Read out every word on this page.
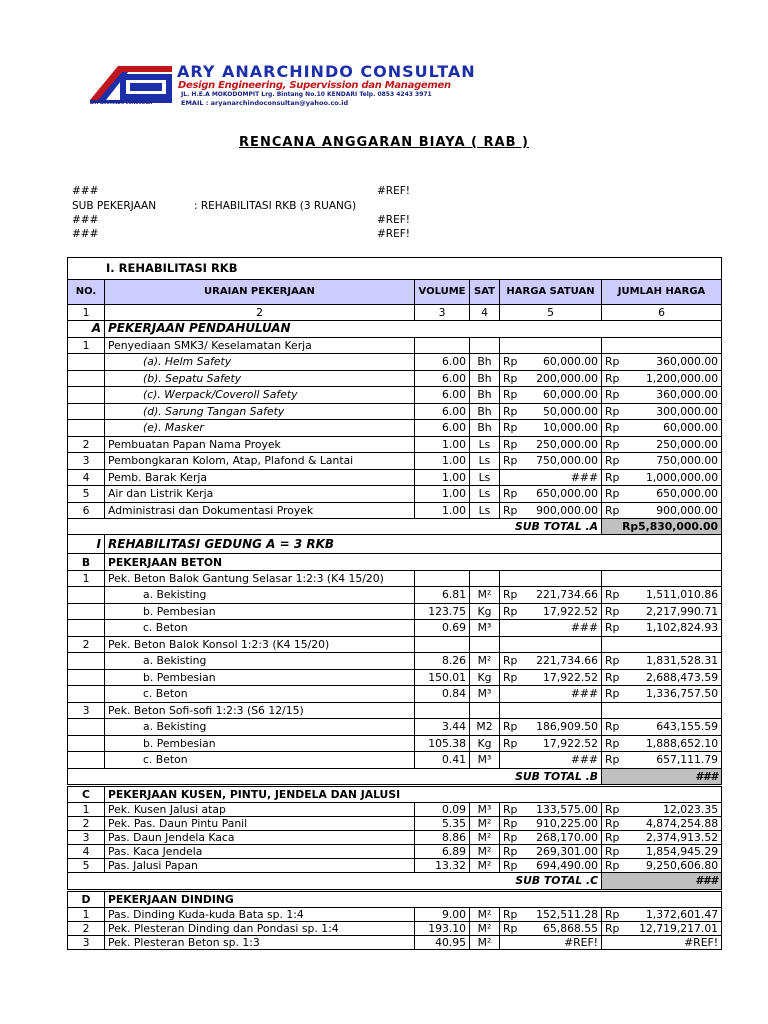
ARY ARCHINDO CONSULTAN
ARY ANARCHINDO CONSULTAN
Design Engineering, Supervission dan Managemen
JL. H.E.A MOKODOMPIT Lrg. Bintang No.10 KENDARI Telp. 0853 4243 3971
EMAIL : aryanarchindoconsultan@yahoo.co.id
RENCANA ANGGARAN BIAYA ( RAB )
###	#REF!
SUB PEKERJAAN	: REHABILITASI RKB (3 RUANG)
###	#REF!
###	#REF!
I. REHABILITASI RKB					
NO.	URAIAN PEKERJAAN	VOLUME	SAT	HARGA SATUAN	JUMLAH HARGA
1	2	3	4	5	6
A	PEKERJAAN PENDAHULUAN				
1	Penyediaan SMK3/ Keselamatan Kerja			

	(a). Helm Safety	6.00	Bh	Rp 60,000.00	Rp 360,000.00

	(b). Sepatu Safety	6.00	Bh	Rp 200,000.00	Rp 1,200,000.00

	(c). Werpack/Coveroll Safety	6.00	Bh	Rp 60,000.00	Rp 360,000.00

	(d). Sarung Tangan Safety	6.00	Bh	Rp 50,000.00	Rp 300,000.00

	(e). Masker	6.00	Bh	Rp 10,000.00	Rp 60,000.00

2	Pembuatan Papan Nama Proyek	1.00	Ls	Rp 250,000.00	Rp 250,000.00

3	Pembongkaran Kolom, Atap, Plafond & Lantai	1.00	Ls	Rp 750,000.00	Rp 750,000.00

4	Pemb. Barak Kerja	1.00	Ls	###	Rp 1,000,000.00

5	Air dan Listrik Kerja	1.00	Ls	Rp 650,000.00	Rp 650,000.00

6	Administrasi dan Dokumentasi Proyek	1.00	Ls	Rp 900,000.00	Rp 900,000.00

SUB TOTAL .A					Rp5,830,000.00
I	REHABILITASI GEDUNG A = 3 RKB				
B	PEKERJAAN BETON				
1	Pek. Beton Balok Gantung Selasar 1:2:3 (K4 15/20)			

	a. Bekisting	6.81	M²	Rp 221,734.66	Rp 1,511,010.86

	b. Pembesian	123.75	Kg	Rp 17,922.52	Rp 2,217,990.71

	c. Beton	0.69	M³	###	Rp 1,102,824.93

2	Pek. Beton Balok Konsol 1:2:3 (K4 15/20)			

	a. Bekisting	8.26	M²	Rp 221,734.66	Rp 1,831,528.31

	b. Pembesian	150.01	Kg	Rp 17,922.52	Rp 2,688,473.59

	c. Beton	0.84	M³	###	Rp 1,336,757.50

3	Pek. Beton Sofi-sofi 1:2:3 (S6 12/15)			

	a. Bekisting	3.44	M2	Rp 186,909.50	Rp 643,155.59

	b. Pembesian	105.38	Kg	Rp 17,922.52	Rp 1,888,652.10

	c. Beton	0.41	M³	###	Rp 657,111.79

SUB TOTAL .B					###
C	PEKERJAAN KUSEN, PINTU, JENDELA DAN JALUSI				
1	Pek. Kusen Jalusi atap	0.09	M³	Rp 133,575.00	Rp 12,023.35

2	Pek. Pas. Daun Pintu Panil	5.35	M²	Rp 910,225.00	Rp 4,874,254.88

3	Pas. Daun Jendela Kaca	8.86	M²	Rp 268,170.00	Rp 2,374,913.52

4	Pas. Kaca Jendela	6.89	M²	Rp 269,301.00	Rp 1,854,945.29

5	Pas. Jalusi Papan	13.32	M²	Rp 694,490.00	Rp 9,250,606.80

SUB TOTAL .C					###
D	PEKERJAAN DINDING				
1	Pas. Dinding Kuda-kuda Bata sp. 1:4	9.00	M²	Rp 152,511.28	Rp 1,372,601.47

2	Pek. Plesteran Dinding dan Pondasi sp. 1:4	193.10	M²	Rp 65,868.55	Rp 12,719,217.01

3	Pek. Plesteran Beton sp. 1:3	40.95	M²	#REF!	#REF!
